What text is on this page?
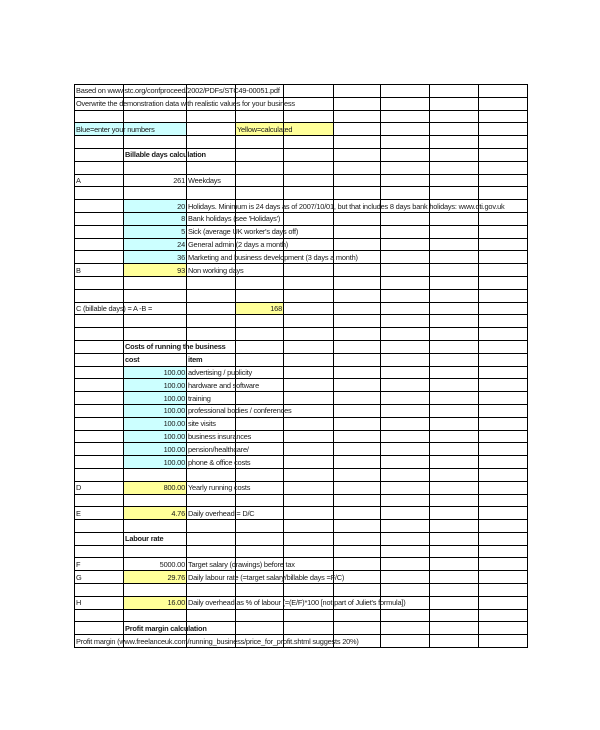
Based on www.stc.org/confproceed/2002/PDFs/STC49-00051.pdf								
Overwrite the demonstration data with realistic values for your business								

Blue=enter your numbers			Yellow=calculated					

	Billable days calculation							

A	261	Weekdays						

	20	Holidays. Minimum is 24 days as of 2007/10/01, but that includes 8 days bank holidays: www.dti.gov.uk						
	8	Bank holidays (see 'Holidays')						
	5	Sick (average UK worker's days off)						
	24	General admin (2 days a month)						
	36	Marketing and business development (3 days a month)						
B	93	Non working days						

C (billable days) = A -B =			168					

	Costs of running the business							
	cost	item						
	100.00	advertising / publicity						
	100.00	hardware and software						
	100.00	training						
	100.00	professional bodies / conferences						
	100.00	site visits						
	100.00	business insurances						
	100.00	pension/healthcare/						
	100.00	phone & office costs						

D	800.00	Yearly running costs						

E	4.76	Daily overhead = D/C						

	Labour rate							

F	5000.00	Target salary (drawings) before tax						
G	29.76	Daily labour rate (=target salary/billable days =F/C)						

H	16.00	Daily overhead as % of labour (=(E/F)*100 [not part of Juliet's formula])						

	Profit margin calculation							
Profit margin (www.freelanceuk.com/running_business/price_for_profit.shtml suggests 20%)								
